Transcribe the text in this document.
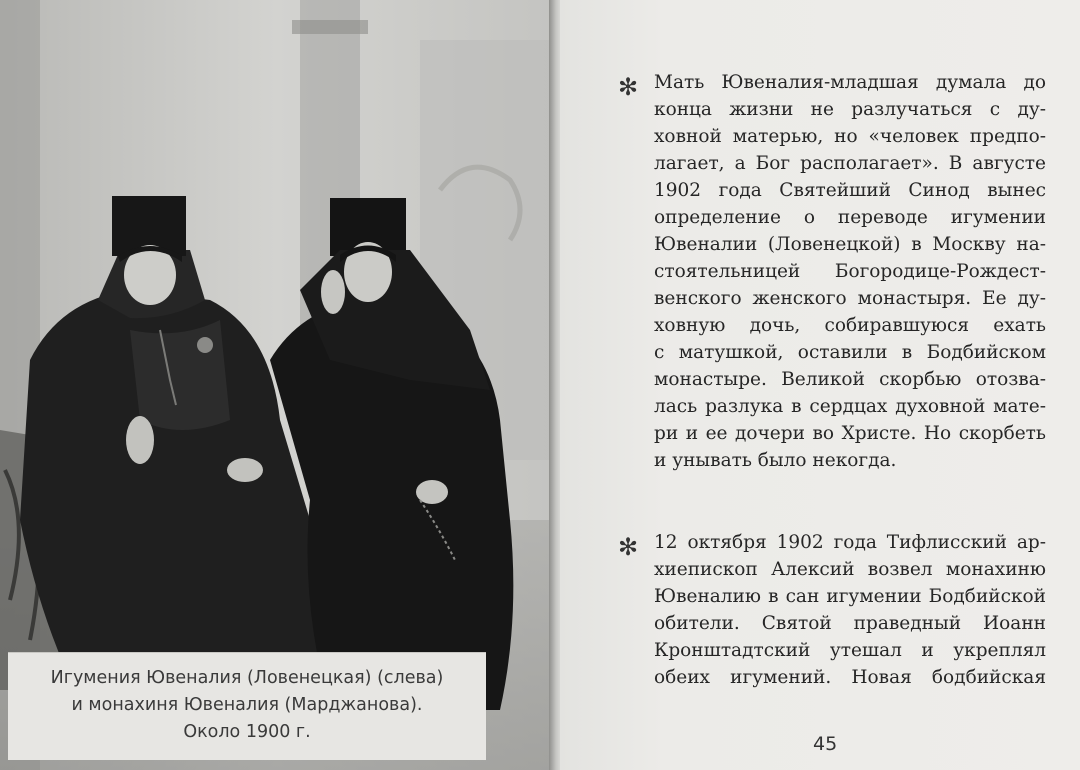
Игумения Ювеналия (Ловенецкая) (слева)
и монахиня Ювеналия (Марджанова).
Около 1900 г.
✻ Мать Ювеналия-младшая думала до
конца жизни не разлучаться с ду-
ховной матерью, но «человек предпо-
лагает, а Бог располагает». В августе
1902 года Святейший Синод вынес
определение о переводе игумении
Ювеналии (Ловенецкой) в Москву на-
стоятельницей Богородице-Рождест-
венского женского монастыря. Ее ду-
ховную дочь, собиравшуюся ехать
с матушкой, оставили в Бодбийском
монастыре. Великой скорбью отозва-
лась разлука в сердцах духовной мате-
ри и ее дочери во Христе. Но скорбеть
и унывать было некогда.
✻ 12 октября 1902 года Тифлисский ар-
хиепископ Алексий возвел монахиню
Ювеналию в сан игумении Бодбийской
обители. Святой праведный Иоанн
Кронштадтский утешал и укреплял
обеих игумений. Новая бодбийская
45
